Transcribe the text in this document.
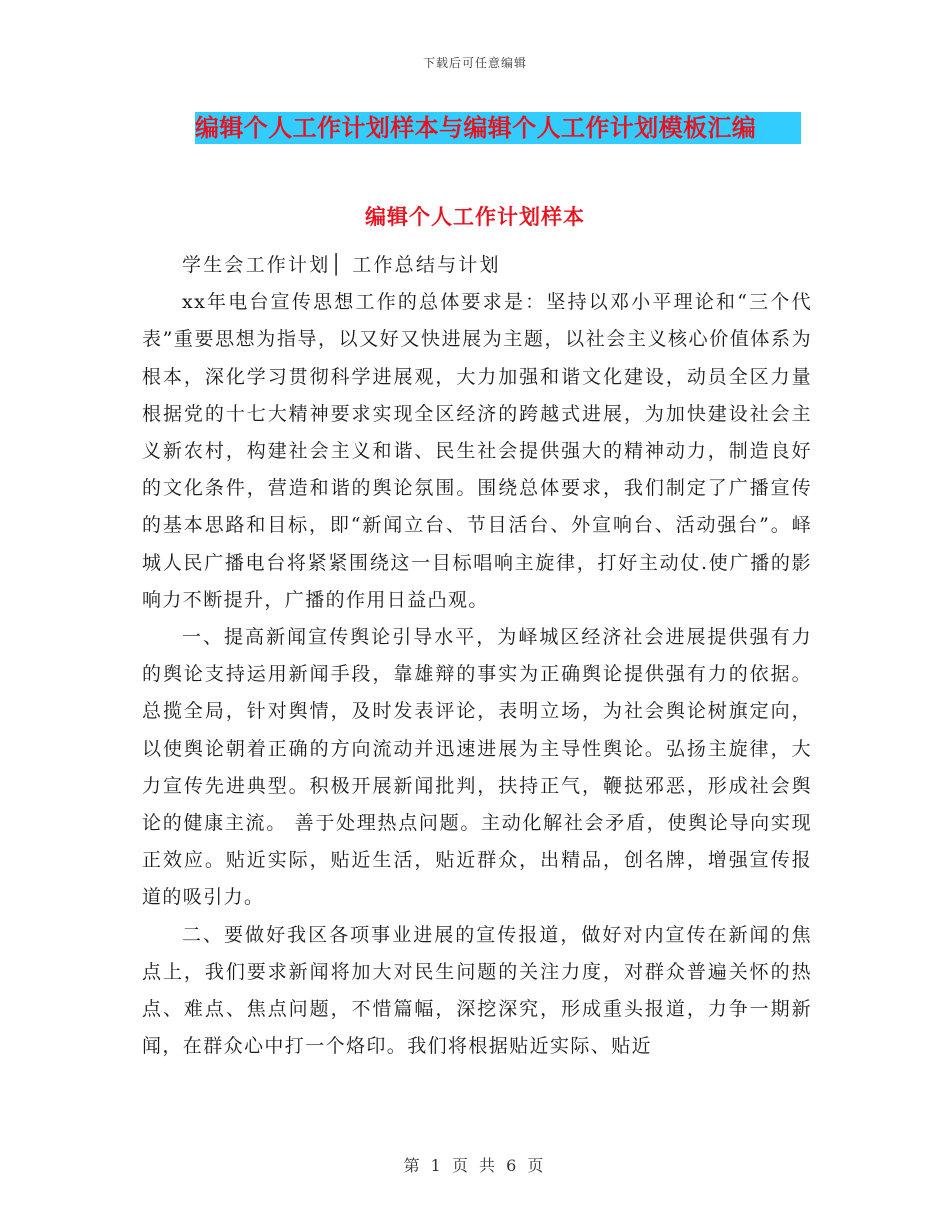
下载后可任意编辑
编辑个人工作计划样本与编辑个人工作计划模板汇编
编辑个人工作计划样本

学生会工作计划│ 工作总结与计划

xx年电台宣传思想工作的总体要求是：坚持以邓小平理论和“三个代表”重要思想为指导，以又好又快进展为主题，以社会主义核心价值体系为根本，深化学习贯彻科学进展观，大力加强和谐文化建设，动员全区力量根据党的十七大精神要求实现全区经济的跨越式进展，为加快建设社会主义新农村，构建社会主义和谐、民生社会提供强大的精神动力，制造良好的文化条件，营造和谐的舆论氛围。围绕总体要求，我们制定了广播宣传的基本思路和目标，即“新闻立台、节目活台、外宣响台、活动强台”。峄城人民广播电台将紧紧围绕这一目标唱响主旋律，打好主动仗.使广播的影响力不断提升，广播的作用日益凸观。

一、提高新闻宣传舆论引导水平，为峄城区经济社会进展提供强有力的舆论支持运用新闻手段，靠雄辩的事实为正确舆论提供强有力的依据。总揽全局，针对舆情，及时发表评论，表明立场，为社会舆论树旗定向，以使舆论朝着正确的方向流动并迅速进展为主导性舆论。弘扬主旋律，大力宣传先进典型。积极开展新闻批判，扶持正气，鞭挞邪恶，形成社会舆论的健康主流。 善于处理热点问题。主动化解社会矛盾，使舆论导向实现正效应。贴近实际，贴近生活，贴近群众，出精品，创名牌，增强宣传报道的吸引力。

二、要做好我区各项事业进展的宣传报道，做好对内宣传在新闻的焦点上，我们要求新闻将加大对民生问题的关注力度，对群众普遍关怀的热点、难点、焦点问题，不惜篇幅，深挖深究，形成重头报道，力争一期新闻，在群众心中打一个烙印。我们将根据贴近实际、贴近

第 1 页 共 6 页
